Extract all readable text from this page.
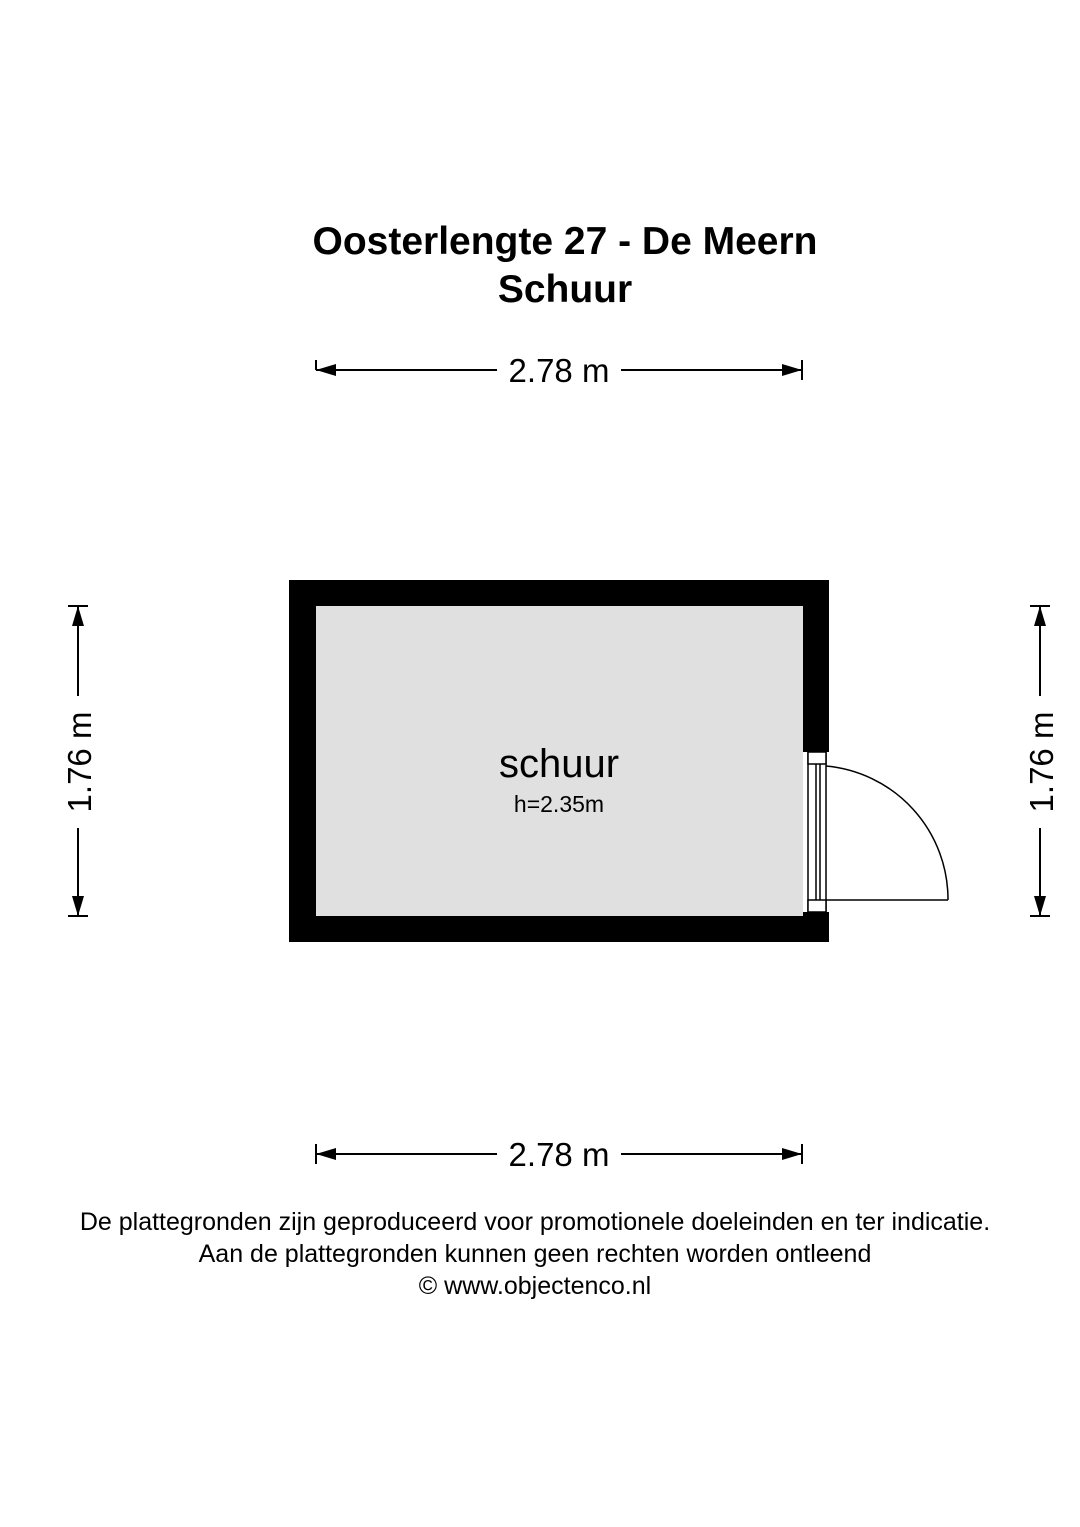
Oosterlengte 27 - De Meern
Schuur
2.78 m
2.78 m
1.76 m	1.76 m
schuur
h=2.35m
De plattegronden zijn geproduceerd voor promotionele doeleinden en ter indicatie.
Aan de plattegronden kunnen geen rechten worden ontleend
© www.objectenco.nl
